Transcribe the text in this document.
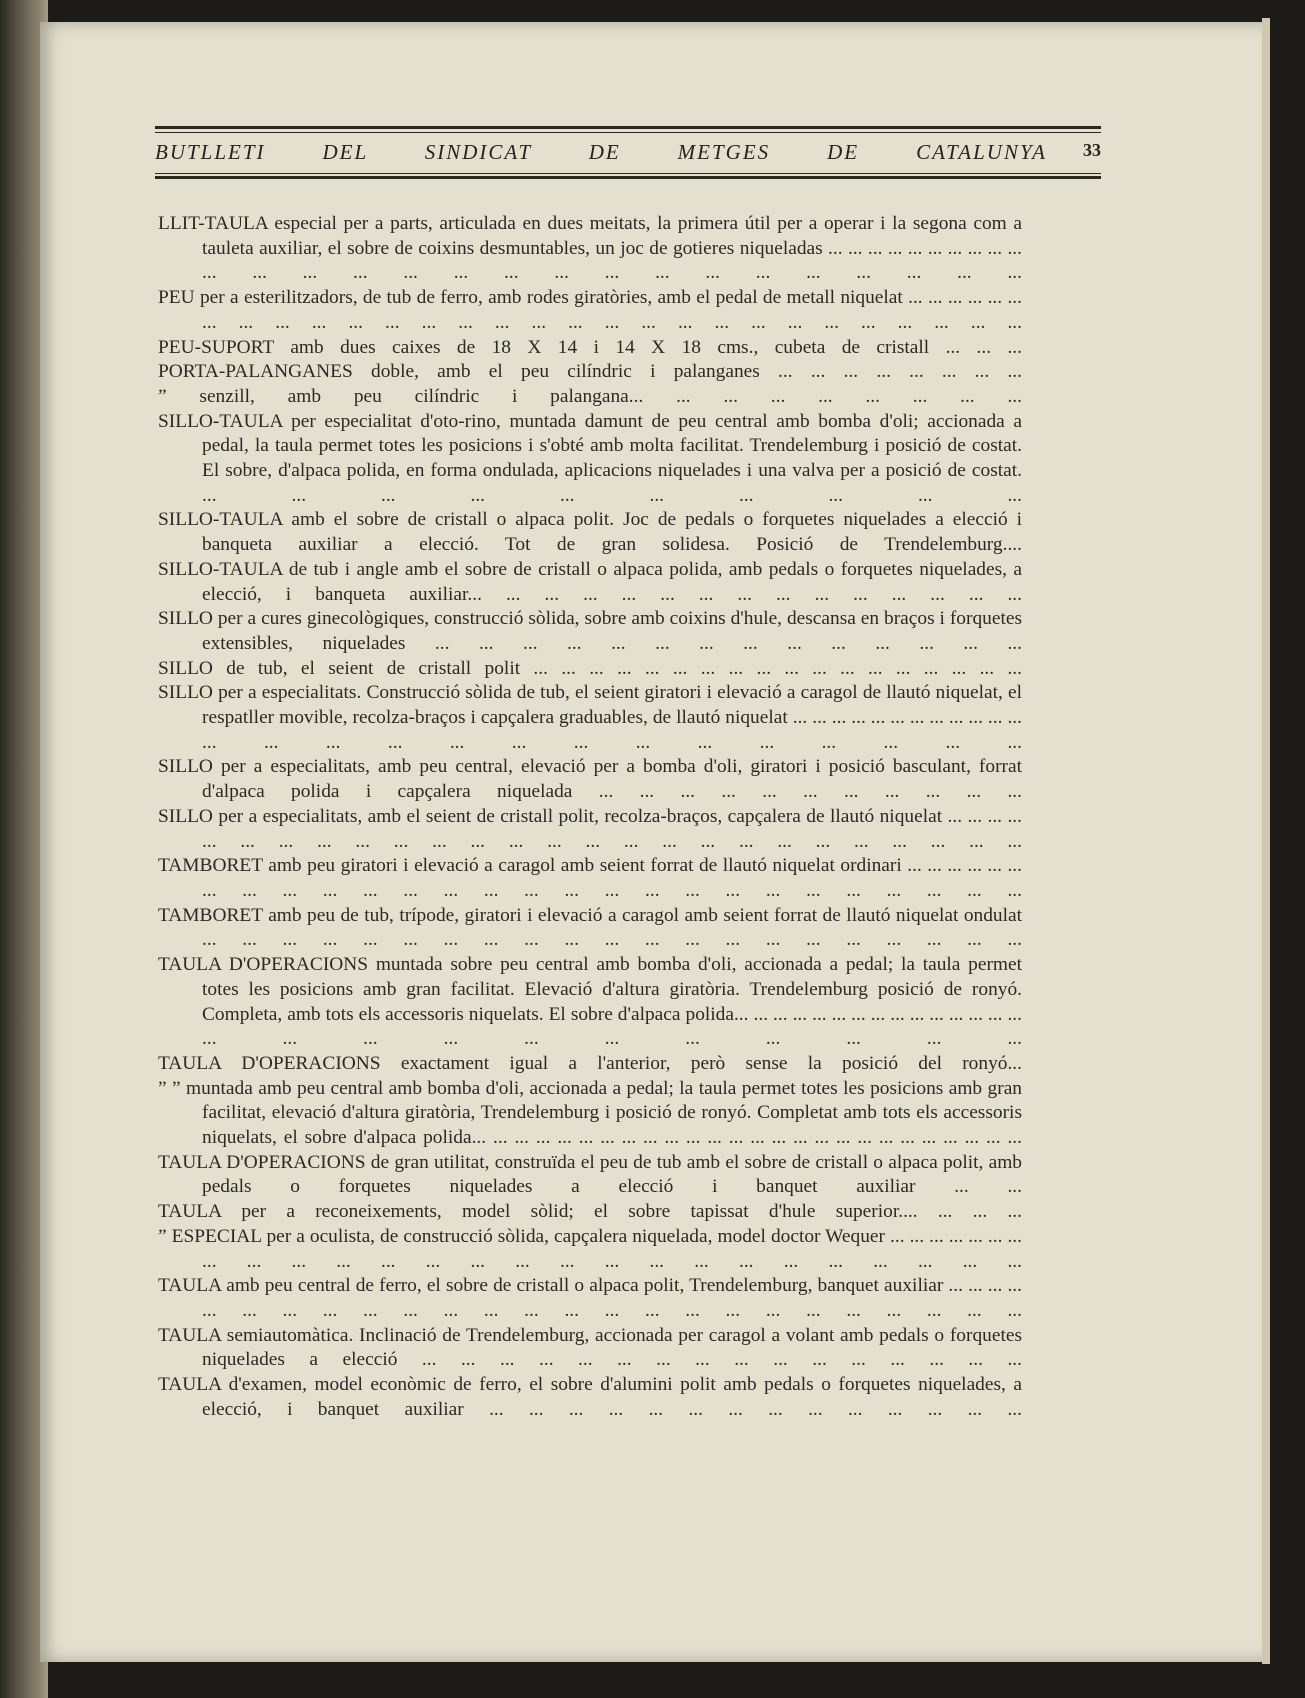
BUTLLETI DEL SINDICAT DE METGES DE CATALUNYA 33

LLIT-TAULA especial per a parts, articulada en dues meitats, la primera útil per a operar i la segona com a tauleta auxiliar, el sobre de coixins desmuntables, un joc de gotieres niqueladas ... ... ... ... ... ... ... ... ... ... ... ... ... ... ... ... ... ... ... ... ... ... ... ... ... ... ...

PEU per a esterilitzadors, de tub de ferro, amb rodes giratòries, amb el pedal de metall niquelat ... ... ... ... ... ... ... ... ... ... ... ... ... ... ... ... ... ... ... ... ... ... ... ... ... ... ... ... ...

PEU-SUPORT amb dues caixes de 18 X 14 i 14 X 18 cms., cubeta de cristall ... ... ...

PORTA-PALANGANES doble, amb el peu cilíndric i palanganes ... ... ... ... ... ... ... ...

” senzill, amb peu cilíndric i palangana... ... ... ... ... ... ... ... ...

SILLO-TAULA per especialitat d'oto-rino, muntada damunt de peu central amb bomba d'oli; accionada a pedal, la taula permet totes les posicions i s'obté amb molta facilitat. Trendelemburg i posició de costat. El sobre, d'alpaca polida, en forma ondulada, aplicacions niquelades i una valva per a posició de costat. ... ... ... ... ... ... ... ... ... ...

SILLO-TAULA amb el sobre de cristall o alpaca polit. Joc de pedals o forquetes niquelades a elecció i banqueta auxiliar a elecció. Tot de gran solidesa. Posició de Trendelemburg....

SILLO-TAULA de tub i angle amb el sobre de cristall o alpaca polida, amb pedals o forquetes niquelades, a elecció, i banqueta auxiliar... ... ... ... ... ... ... ... ... ... ... ... ... ... ...

SILLO per a cures ginecològiques, construcció sòlida, sobre amb coixins d'hule, descansa en braços i forquetes extensibles, niquelades ... ... ... ... ... ... ... ... ... ... ... ... ... ...

SILLO de tub, el seient de cristall polit ... ... ... ... ... ... ... ... ... ... ... ... ... ... ... ... ... ...

SILLO per a especialitats. Construcció sòlida de tub, el seient giratori i elevació a caragol de llautó niquelat, el respatller movible, recolza-braços i capçalera graduables, de llautó niquelat ... ... ... ... ... ... ... ... ... ... ... ... ... ... ... ... ... ... ... ... ... ... ... ... ... ...

SILLO per a especialitats, amb peu central, elevació per a bomba d'oli, giratori i posició basculant, forrat d'alpaca polida i capçalera niquelada ... ... ... ... ... ... ... ... ... ... ...

SILLO per a especialitats, amb el seient de cristall polit, recolza-braços, capçalera de llautó niquelat ... ... ... ... ... ... ... ... ... ... ... ... ... ... ... ... ... ... ... ... ... ... ... ... ... ...

TAMBORET amb peu giratori i elevació a caragol amb seient forrat de llautó niquelat ordinari ... ... ... ... ... ... ... ... ... ... ... ... ... ... ... ... ... ... ... ... ... ... ... ... ... ... ...

TAMBORET amb peu de tub, trípode, giratori i elevació a caragol amb seient forrat de llautó niquelat ondulat ... ... ... ... ... ... ... ... ... ... ... ... ... ... ... ... ... ... ... ... ...

TAULA D'OPERACIONS muntada sobre peu central amb bomba d'oli, accionada a pedal; la taula permet totes les posicions amb gran facilitat. Elevació d'altura giratòria. Trendelemburg posició de ronyó. Completa, amb tots els accessoris niquelats. El sobre d'alpaca polida... ... ... ... ... ... ... ... ... ... ... ... ... ... ... ... ... ... ... ... ... ... ... ... ... ...

TAULA D'OPERACIONS exactament igual a l'anterior, però sense la posició del ronyó...

” ” muntada amb peu central amb bomba d'oli, accionada a pedal; la taula permet totes les posicions amb gran facilitat, elevació d'altura giratòria, Trendelemburg i posició de ronyó. Completat amb tots els accessoris niquelats, el sobre d'alpaca polida... ... ... ... ... ... ... ... ... ... ... ... ... ... ... ... ... ... ... ... ... ... ... ... ... ...

TAULA D'OPERACIONS de gran utilitat, construïda el peu de tub amb el sobre de cristall o alpaca polit, amb pedals o forquetes niquelades a elecció i banquet auxiliar ... ...

TAULA per a reconeixements, model sòlid; el sobre tapissat d'hule superior.... ... ... ...

” ESPECIAL per a oculista, de construcció sòlida, capçalera niquelada, model doctor Wequer ... ... ... ... ... ... ... ... ... ... ... ... ... ... ... ... ... ... ... ... ... ... ... ... ... ...

TAULA amb peu central de ferro, el sobre de cristall o alpaca polit, Trendelemburg, banquet auxiliar ... ... ... ... ... ... ... ... ... ... ... ... ... ... ... ... ... ... ... ... ... ... ... ... ...

TAULA semiautomàtica. Inclinació de Trendelemburg, accionada per caragol a volant amb pedals o forquetes niquelades a elecció ... ... ... ... ... ... ... ... ... ... ... ... ... ... ... ...

TAULA d'examen, model econòmic de ferro, el sobre d'alumini polit amb pedals o forquetes niquelades, a elecció, i banquet auxiliar ... ... ... ... ... ... ... ... ... ... ... ... ... ...
